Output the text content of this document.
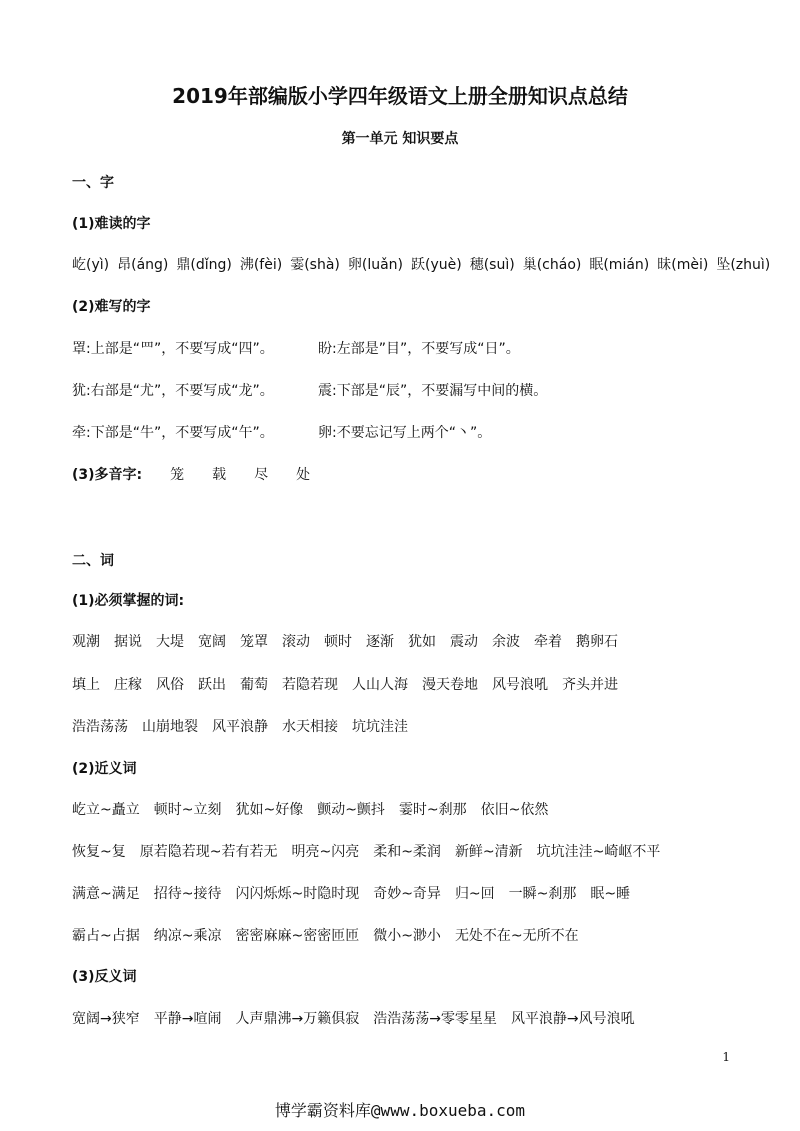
2019年部编版小学四年级语文上册全册知识点总结
第一单元 知识要点
一、字
(1)难读的字
屹(yì) 昂(áng) 鼎(dǐng) 沸(fèi) 霎(shà) 卵(luǎn) 跃(yuè) 穗(suì) 巢(cháo) 眠(mián) 昧(mèi) 坠(zhuì)
(2)难写的字
罩:上部是“罒”，不要写成“四”。	盼:左部是”目”，不要写成“日”。
犹:右部是“尤”，不要写成“龙”。	震:下部是“辰”，不要漏写中间的横。
牵:下部是“牛”，不要写成“午”。	卵:不要忘记写上两个“丶”。
(3)多音字: 笼 载 尽 处
二、词
(1)必须掌握的词:
观潮 据说 大堤 宽阔 笼罩 滚动 顿时 逐渐 犹如 震动 余波 牵着 鹅卵石
填上 庄稼 风俗 跃出 葡萄 若隐若现 人山人海 漫天卷地 风号浪吼 齐头并进
浩浩荡荡 山崩地裂 风平浪静 水天相接 坑坑洼洼
(2)近义词
屹立~矗立 顿时~立刻 犹如~好像 颤动~颤抖 霎时~刹那 依旧~依然
恢复~复 原若隐若现~若有若无 明亮~闪亮 柔和~柔润 新鲜~清新 坑坑洼洼~崎岖不平
满意~满足 招待~接待 闪闪烁烁~时隐时现 奇妙~奇异 归~回 一瞬~刹那 眠~睡
霸占~占据 纳凉~乘凉 密密麻麻~密密匝匝 微小~渺小 无处不在~无所不在
(3)反义词
宽阔→狭窄 平静→喧闹 人声鼎沸→万籁俱寂 浩浩荡荡→零零星星 风平浪静→风号浪吼
1
博学霸资料库@www.boxueba.com
